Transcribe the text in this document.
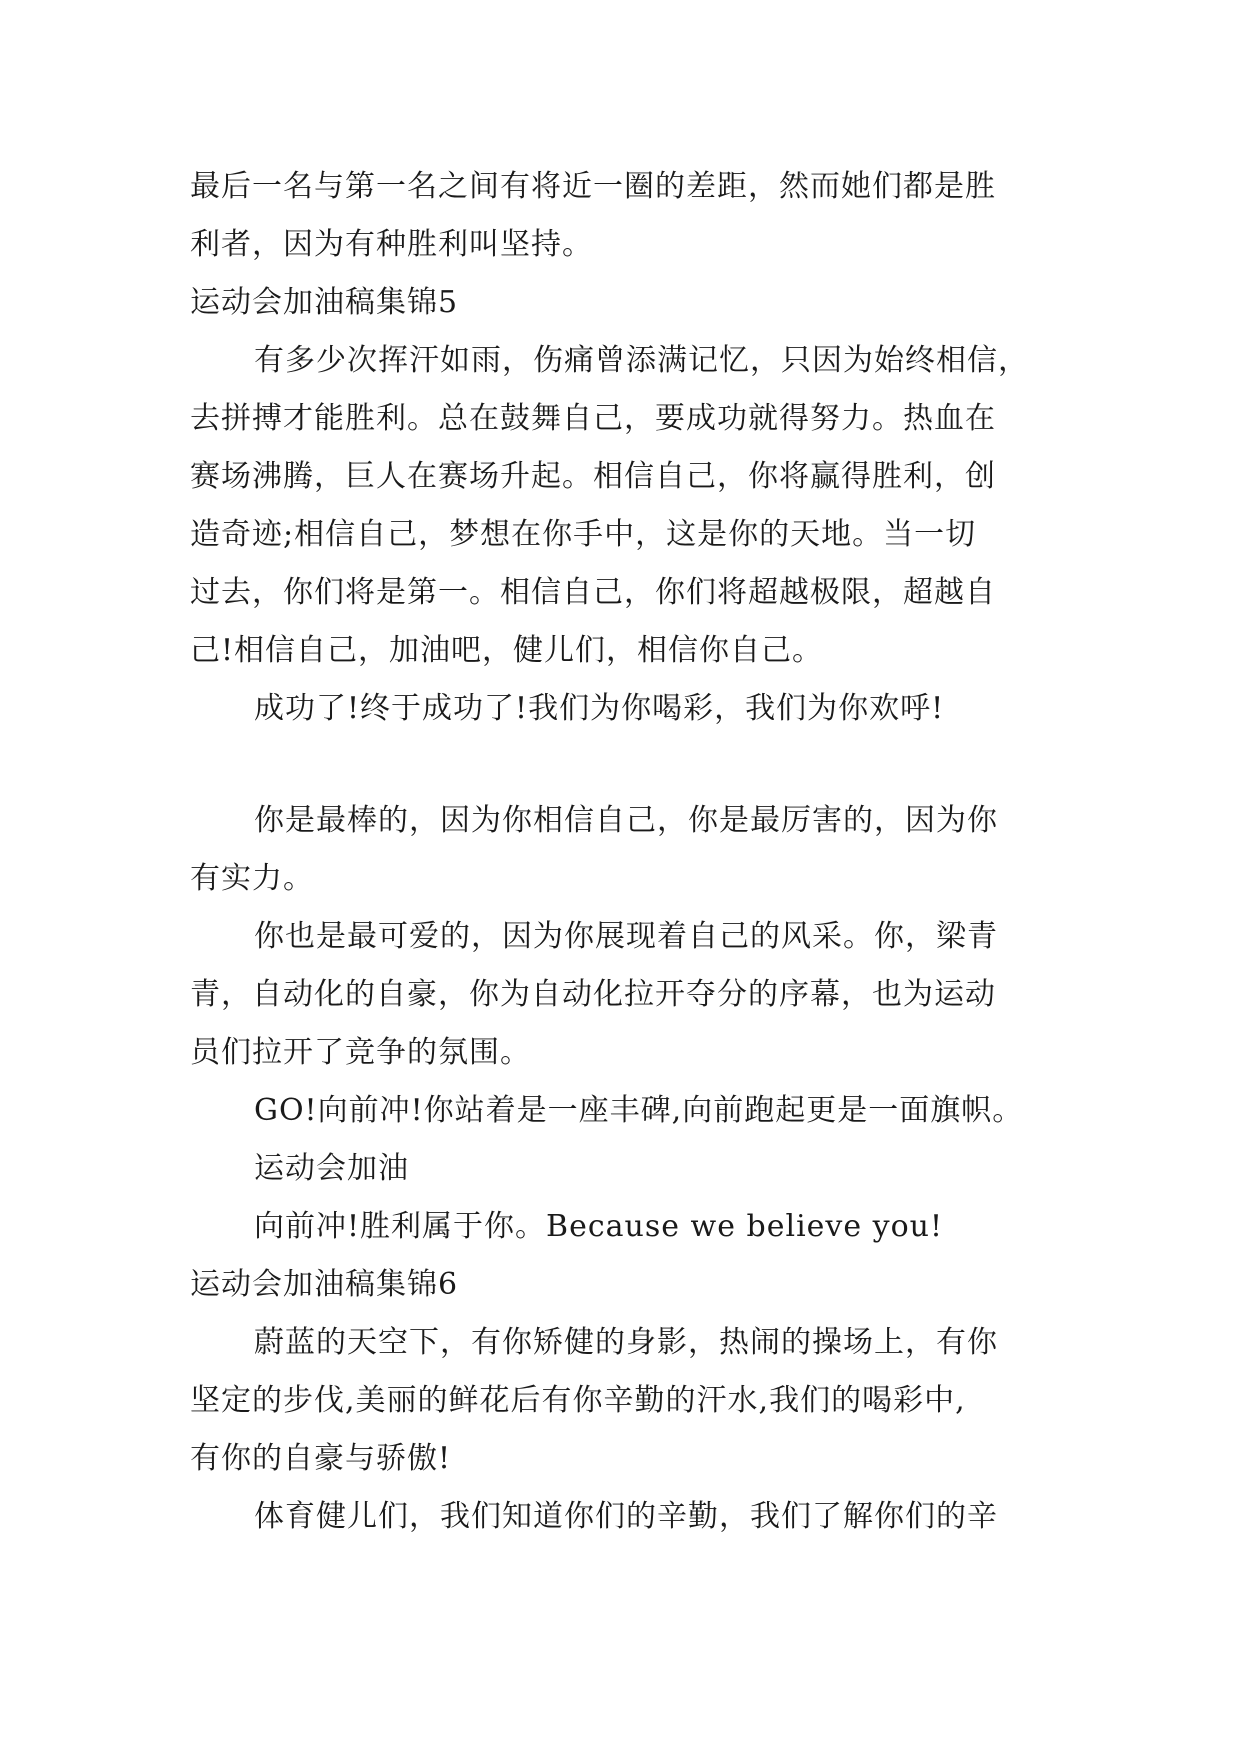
最后一名与第一名之间有将近一圈的差距，然而她们都是胜
利者，因为有种胜利叫坚持。
运动会加油稿集锦5
有多少次挥汗如雨，伤痛曾添满记忆，只因为始终相信，
去拼搏才能胜利。总在鼓舞自己，要成功就得努力。热血在
赛场沸腾，巨人在赛场升起。相信自己，你将赢得胜利，创
造奇迹;相信自己，梦想在你手中，这是你的天地。当一切
过去，你们将是第一。相信自己，你们将超越极限，超越自
己!相信自己，加油吧，健儿们，相信你自己。
成功了!终于成功了!我们为你喝彩，我们为你欢呼!
你是最棒的，因为你相信自己，你是最厉害的，因为你
有实力。
你也是最可爱的，因为你展现着自己的风采。你，梁青
青，自动化的自豪，你为自动化拉开夺分的序幕，也为运动
员们拉开了竞争的氛围。
GO!向前冲!你站着是一座丰碑,向前跑起更是一面旗帜。
运动会加油
向前冲!胜利属于你。Because we believe you!
运动会加油稿集锦6
蔚蓝的天空下，有你矫健的身影，热闹的操场上，有你
坚定的步伐,美丽的鲜花后有你辛勤的汗水,我们的喝彩中,
有你的自豪与骄傲!
体育健儿们，我们知道你们的辛勤，我们了解你们的辛
